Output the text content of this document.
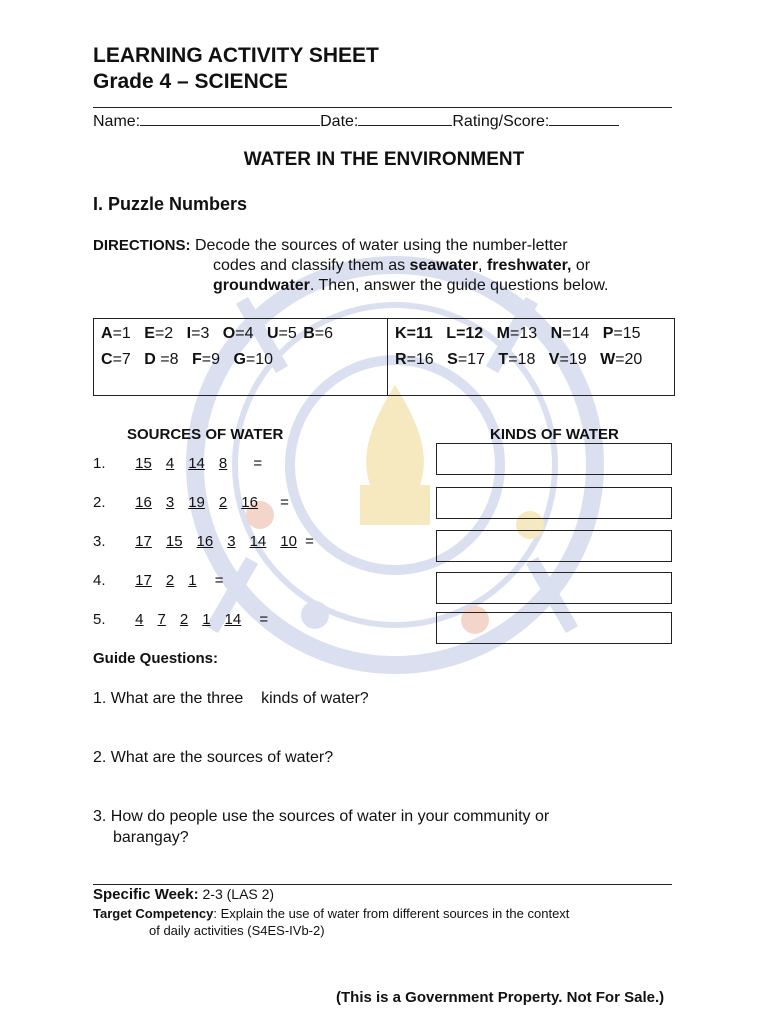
LEARNING ACTIVITY SHEET
Grade 4 – SCIENCE
Name:	Date:	Rating/Score:
WATER IN THE ENVIRONMENT
I. Puzzle Numbers
DIRECTIONS: Decode the sources of water using the number-letter
codes and classify them as seawater, freshwater, or
groundwater. Then, answer the guide questions below.
A=1 E=2 I=3 O=4 U=5 B=6
C=7 D =8 F=9 G=10

K=11 L=12 M=13 N=14 P=15
R=16 S=17 T=18 V=19 W=20
SOURCES OF WATER	KINDS OF WATER
1. 15 4 14 8 =
2. 16 3 19 2 16 =
3. 17 15 16 3 14 10 =
4. 17 2 1 =
5. 4 7 2 1 14 =
Guide Questions:
1. What are the three    kinds of water?
2. What are the sources of water?
3. How do people use the sources of water in your community or
barangay?
Specific Week: 2-3 (LAS 2)
Target Competency: Explain the use of water from different sources in the context
of daily activities (S4ES-IVb-2)
(This is a Government Property. Not For Sale.)
